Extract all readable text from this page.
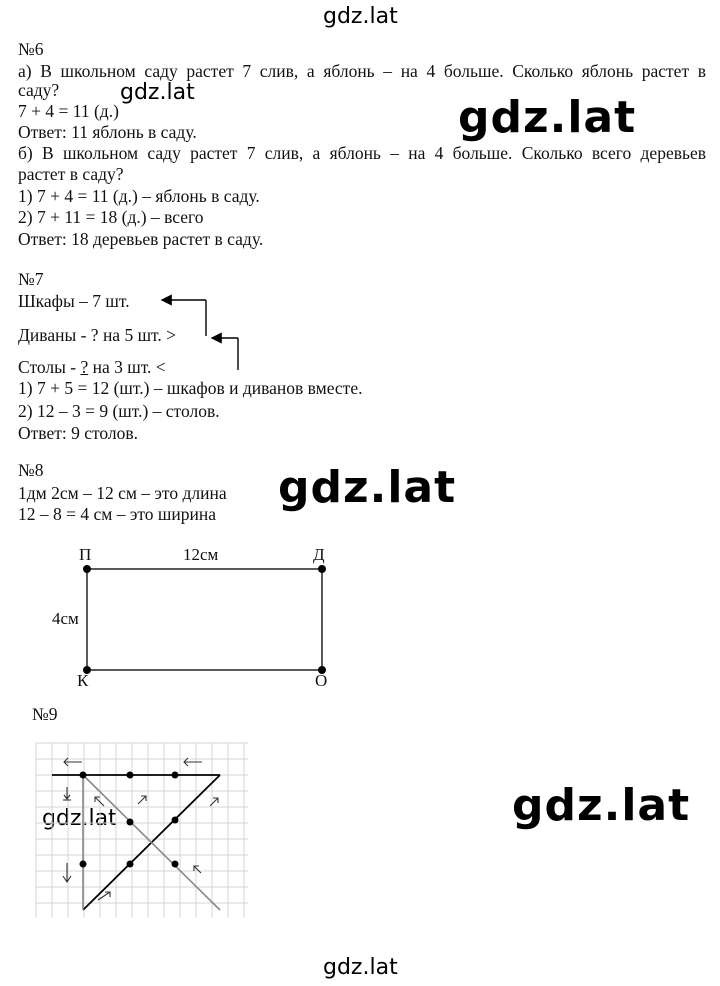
gdz.lat
gdz.lat	gdz.lat
gdz.lat
gdz.lat
gdz.lat
gdz.lat
№6
а) В школьном саду растет 7 слив, а яблонь – на 4 больше. Сколько яблонь растет в
саду?
7 + 4 = 11 (д.)
Ответ: 11 яблонь в саду.
б) В школьном саду растет 7 слив, а яблонь – на 4 больше. Сколько всего деревьев
растет в саду?
1) 7 + 4 = 11 (д.) – яблонь в саду.
2) 7 + 11 = 18 (д.) – всего
Ответ: 18 деревьев растет в саду.
№7
Шкафы – 7 шт.
Диваны - ? на 5 шт. >
Столы - ? на 3 шт. <
1) 7 + 5 = 12 (шт.) – шкафов и диванов вместе.
2) 12 – 3 = 9 (шт.) – столов.
Ответ: 9 столов.
№8
1дм 2см – 12 см – это длина
12 – 8 = 4 см – это ширина
№9
П	Д
К	О
12см
4см
